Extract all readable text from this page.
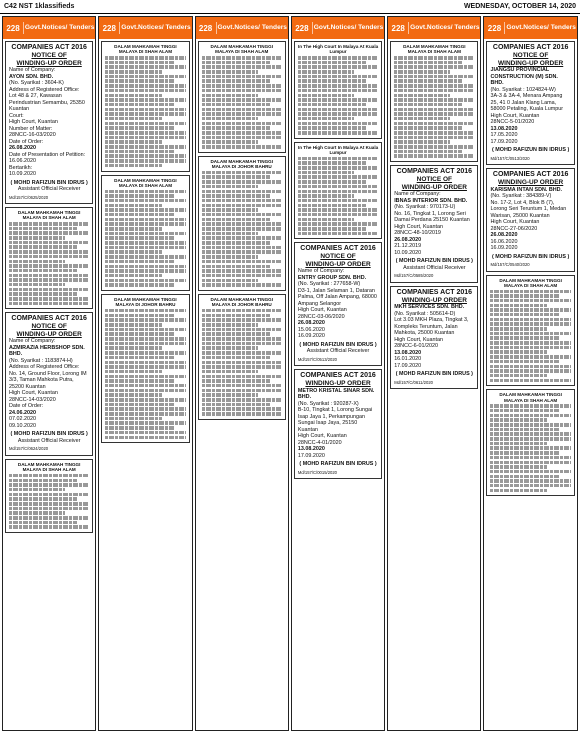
C42 NST 1klassifieds	WEDNESDAY, OCTOBER 14, 2020
228 Govt.Notices/ Tenders
COMPANIES ACT 2016
NOTICE OF
WINDING-UP ORDER
Name of Company:
AYON SDN. BHD.
(No. Syarikat : 3604-K)
Address of Registered Office:
Lot 48 & 27, Kawasan Perindustrian Semambu, 25350 Kuantan
Court:
High Court, Kuantan
Number of Matter:
28NCC-16-03/2020
Date of Order:
26.08.2020
Date of Presentation of Petition:
16.06.2020
Bertarikh:
10.09.2020
( MOHD RAFIZUN BIN IDRUS )
Assistant Official Receiver
Md/157/C/0625/2020
DALAM MAHKAMAH TINGGI MALAYA DI SHAH ALAM
COMPANIES ACT 2016
NOTICE OF
WINDING-UP ORDER
Name of Company:
AZMIRAZIA HERBSHOP SDN. BHD.
(No. Syarikat : 1183874-H)
Address of Registered Office:
No. 14, Ground Floor, Lorong IM 3/3, Taman Mahkota Putra, 25200 Kuantan
High Court, Kuantan
28NCC-14-03/2020
Date of Order:
24.06.2020
07.02.2020
09.10.2020
( MOHD RAFIZUN BIN IDRUS )
Assistant Official Receiver
Md/157/C/0624/2020
DALAM MAHKAMAH TINGGI MALAYA DI SHAH ALAM
228 Govt.Notices/ Tenders
DALAM MAHKAMAH TINGGI MALAYA DI SHAH ALAM
DALAM MAHKAMAH TINGGI MALAYA DI SHAH ALAM
DALAM MAHKAMAH TINGGI MALAYA DI JOHOR BAHRU
228 Govt.Notices/ Tenders
DALAM MAHKAMAH TINGGI MALAYA DI SHAH ALAM
DALAM MAHKAMAH TINGGI MALAYA DI JOHOR BAHRU
DALAM MAHKAMAH TINGGI MALAYA DI JOHOR BAHRU
228 Govt.Notices/ Tenders
In The High Court In Malaya At Kuala Lumpur
In The High Court In Malaya At Kuala Lumpur
COMPANIES ACT 2016
NOTICE OF
WINDING-UP ORDER
Name of Company:
ENTRY GROUP SDN. BHD.
(No. Syarikat : 277658-W)
D3-1, Jalan Selaman 1, Dataran Palma, Off Jalan Ampang, 68000 Ampang Selangor
High Court, Kuantan
28NCC-03-06/2020
26.08.2020
15.06.2020
16.09.2020
( MOHD RAFIZUN BIN IDRUS )
Assistant Official Receiver
Md/157/C/0513/2020
COMPANIES ACT 2016
WINDING-UP ORDER
METRO KRISTAL SINAR SDN. BHD.
(No. Syarikat : 920287-X)
B-10, Tingkat 1, Lorong Sungai Isap Jaya 1, Perkampungan Sungai Isap Jaya, 25150 Kuantan
High Court, Kuantan
28NCC-4-01/2020
13.08.2020
17.09.2020
( MOHD RAFIZUN BIN IDRUS )
Md/157/C/0015/2020
228 Govt.Notices/ Tenders
DALAM MAHKAMAH TINGGI MALAYA DI SHAH ALAM
COMPANIES ACT 2016
NOTICE OF
WINDING-UP ORDER
Name of Company:
IBNAS INTERIOR SDN. BHD.
(No. Syarikat : 970173-U)
No. 16, Tingkat 1, Lorong Seri Damai Perdana 25150 Kuantan
High Court, Kuantan
28NCC-48-10/2019
26.08.2020
21.12.2019
10.09.2020
( MOHD RAFIZUN BIN IDRUS )
Assistant Official Receiver
Md/157/C/0585/2020
COMPANIES ACT 2016
WINDING-UP ORDER
MKH SERVICES SDN. BHD.
(No. Syarikat : 505614-D)
Lot 3.03 MKH Plaza, Tingkat 3, Kompleks Teruntum, Jalan Mahkota, 25000 Kuantan
High Court, Kuantan
28NCC-6-01/2020
13.08.2020
16.01.2020
17.09.2020
( MOHD RAFIZUN BIN IDRUS )
Md/157/C/0611/2020
228 Govt.Notices/ Tenders
COMPANIES ACT 2016
NOTICE OF
WINDING-UP ORDER
JIANGSU PROVINCIAL CONSTRUCTION (M) SDN. BHD.
(No. Syarikat : 1024824-W)
3A-3 & 3A-4, Menara Ampang 25, 41 0 Jalan Klang Lama, 58000 Petaling, Kuala Lumpur
High Court, Kuantan
28NCC-5-01/2020
13.08.2020
17.05.2020
17.09.2020
( MOHD RAFIZUN BIN IDRUS )
Md/157/C/0513/2020
COMPANIES ACT 2016
WINDING-UP ORDER
KARISMA INTAN SDN. BHD.
(No. Syarikat : 384389-V)
No. 17-2, Lot 4, Blok B (7), Lorong Seri Teruntum 1, Medan Warisan, 25000 Kuantan
High Court, Kuantan
28NCC-27-06/2020
26.08.2020
16.06.2020
16.09.2020
( MOHD RAFIZUN BIN IDRUS )
Md/157/C/0540/2020
DALAM MAHKAMAH TINGGI MALAYA DI SHAH ALAM
DALAM MAHKAMAH TINGGI MALAYA DI SHAH ALAM
